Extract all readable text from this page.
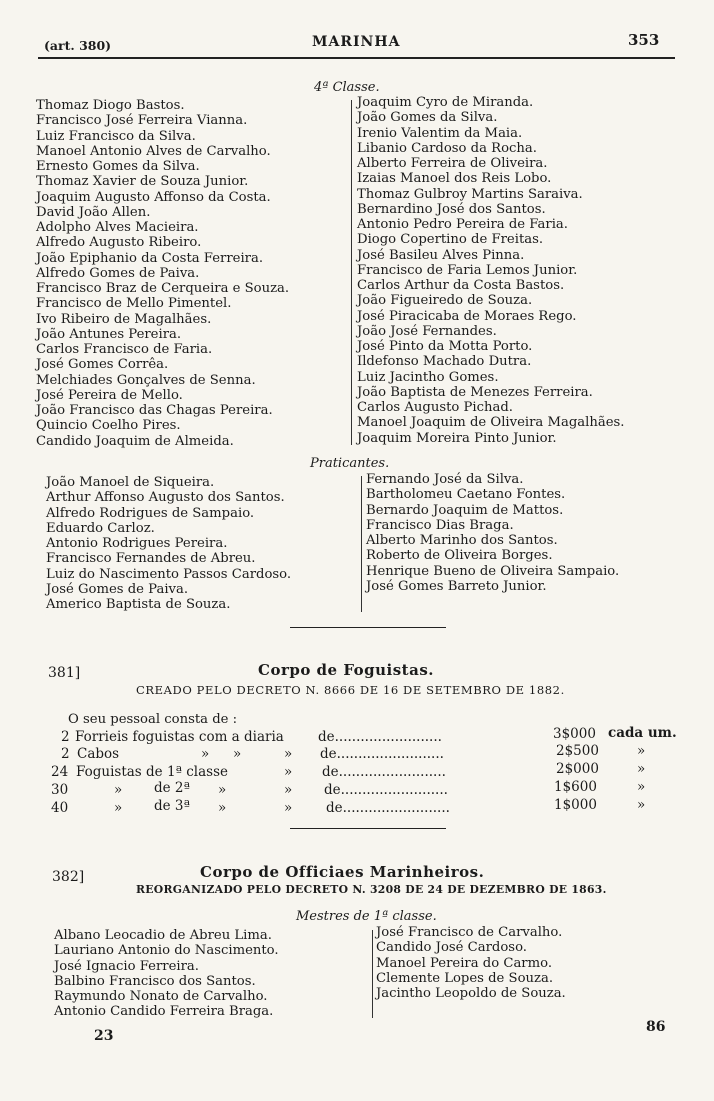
(art. 380)	MARINHA	353
4ª Classe.
Thomaz Diogo Bastos.
Francisco José Ferreira Vianna.
Luiz Francisco da Silva.
Manoel Antonio Alves de Carvalho.
Ernesto Gomes da Silva.
Thomaz Xavier de Souza Junior.
Joaquim Augusto Affonso da Costa.
David João Allen.
Adolpho Alves Macieira.
Alfredo Augusto Ribeiro.
João Epiphanio da Costa Ferreira.
Alfredo Gomes de Paiva.
Francisco Braz de Cerqueira e Souza.
Francisco de Mello Pimentel.
Ivo Ribeiro de Magalhães.
João Antunes Pereira.
Carlos Francisco de Faria.
José Gomes Corrêa.
Melchiades Gonçalves de Senna.
José Pereira de Mello.
João Francisco das Chagas Pereira.
Quincio Coelho Pires.
Candido Joaquim de Almeida.
Joaquim Cyro de Miranda.
João Gomes da Silva.
Irenio Valentim da Maia.
Libanio Cardoso da Rocha.
Alberto Ferreira de Oliveira.
Izaias Manoel dos Reis Lobo.
Thomaz Gulbroy Martins Saraiva.
Bernardino José dos Santos.
Antonio Pedro Pereira de Faria.
Diogo Copertino de Freitas.
José Basileu Alves Pinna.
Francisco de Faria Lemos Junior.
Carlos Arthur da Costa Bastos.
João Figueiredo de Souza.
José Piracicaba de Moraes Rego.
João José Fernandes.
José Pinto da Motta Porto.
Ildefonso Machado Dutra.
Luiz Jacintho Gomes.
João Baptista de Menezes Ferreira.
Carlos Augusto Pichad.
Manoel Joaquim de Oliveira Magalhães.
Joaquim Moreira Pinto Junior.
Praticantes.
João Manoel de Siqueira.
Arthur Affonso Augusto dos Santos.
Alfredo Rodrigues de Sampaio.
Eduardo Carloz.
Antonio Rodrigues Pereira.
Francisco Fernandes de Abreu.
Luiz do Nascimento Passos Cardoso.
José Gomes de Paiva.
Americo Baptista de Souza.
Fernando José da Silva.
Bartholomeu Caetano Fontes.
Bernardo Joaquim de Mattos.
Francisco Dias Braga.
Alberto Marinho dos Santos.
Roberto de Oliveira Borges.
Henrique Bueno de Oliveira Sampaio.
José Gomes Barreto Junior.
381]	Corpo de Foguistas.
CREADO PELO DECRETO N. 8666 DE 16 DE SETEMBRO DE 1882.
O seu pessoal consta de :
2 Forrieis foguistas com a diaria	de.........................	3$000 cada um.
2 Cabos	» »	» de.........................	2$500	»
24 Foguistas de 1ª classe	» de.........................	2$000	»
30	» de 2ª »	» de.........................	1$600	»
40	» de 3ª »	» de.........................	1$000	»
382]	Corpo de Officiaes Marinheiros.
REORGANIZADO PELO DECRETO N. 3208 DE 24 DE DEZEMBRO DE 1863.
Mestres de 1ª classe.
Albano Leocadio de Abreu Lima.
Lauriano Antonio do Nascimento.
José Ignacio Ferreira.
Balbino Francisco dos Santos.
Raymundo Nonato de Carvalho.
Antonio Candido Ferreira Braga.
José Francisco de Carvalho.
Candido José Cardoso.
Manoel Pereira do Carmo.
Clemente Lopes de Souza.
Jacintho Leopoldo de Souza.
23
86
